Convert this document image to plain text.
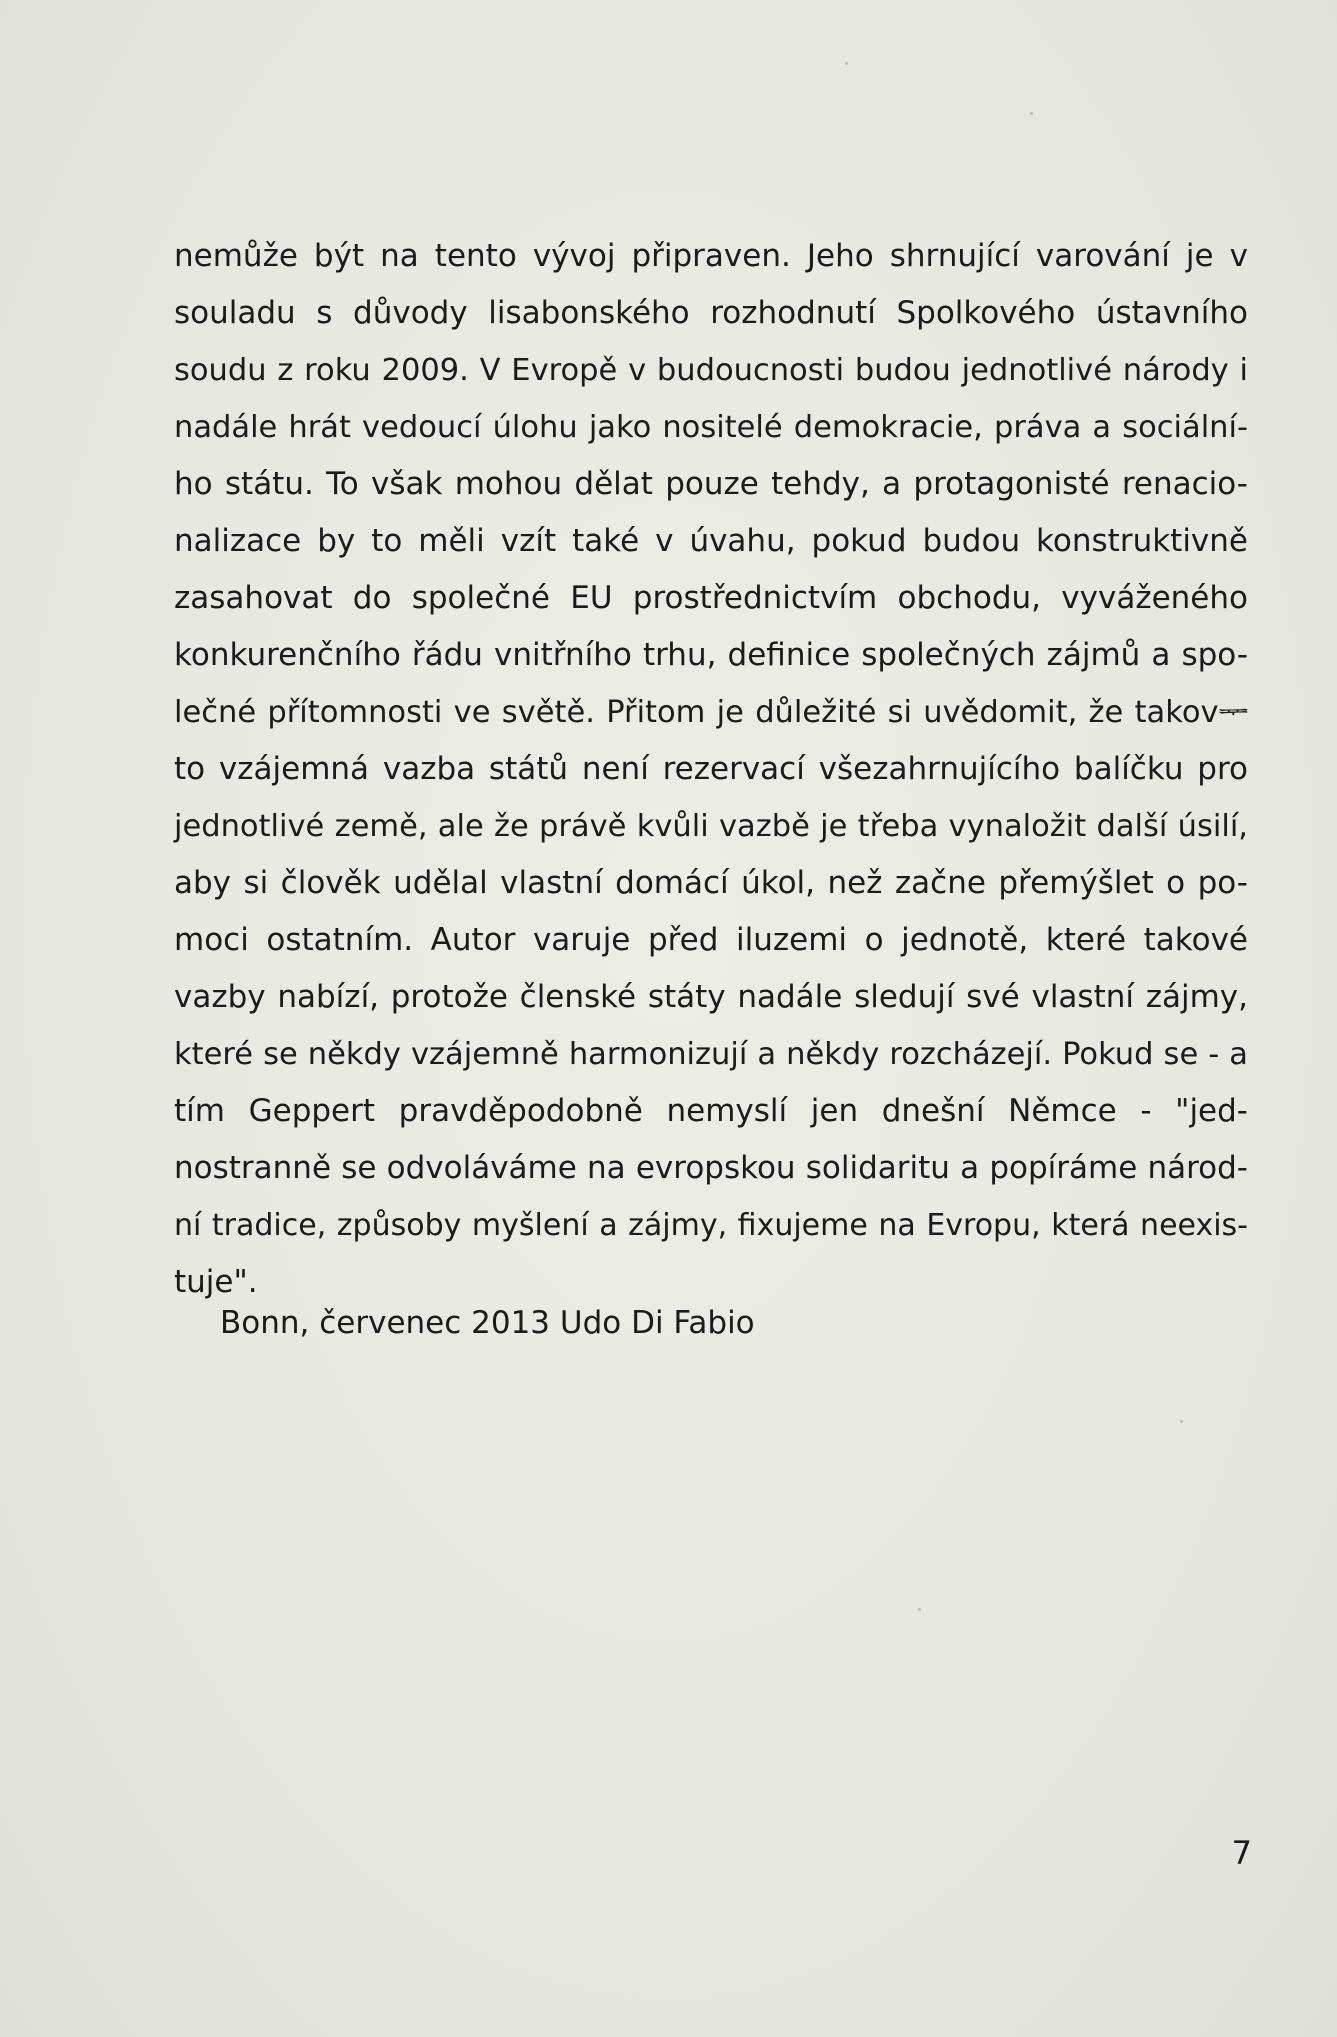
nemůže být na tento vývoj připraven. Jeho shrnující varování je v
souladu s důvody lisabonského rozhodnutí Spolkového ústavního
soudu z roku 2009. V Evropě v budoucnosti budou jednotlivé národy i
nadále hrát vedoucí úlohu jako nositelé demokracie, práva a sociální-
ho státu. To však mohou dělat pouze tehdy, a protagonisté renacio-
nalizace by to měli vzít také v úvahu, pokud budou konstruktivně
zasahovat do společné EU prostřednictvím obchodu, vyváženého
konkurenčního řádu vnitřního trhu, definice společných zájmů a spo-
lečné přítomnosti ve světě. Přitom je důležité si uvědomit, že takovᆓ
to vzájemná vazba států není rezervací všezahrnujícího balíčku pro
jednotlivé země, ale že právě kvůli vazbě je třeba vynaložit další úsilí,
aby si člověk udělal vlastní domácí úkol, než začne přemýšlet o po-
moci ostatním. Autor varuje před iluzemi o jednotě, které takové
vazby nabízí, protože členské státy nadále sledují své vlastní zájmy,
které se někdy vzájemně harmonizují a někdy rozcházejí. Pokud se - a
tím Geppert pravděpodobně nemyslí jen dnešní Němce - "jed-
nostranně se odvoláváme na evropskou solidaritu a popíráme národ-
ní tradice, způsoby myšlení a zájmy, fixujeme na Evropu, která neexis-
tuje".
Bonn, červenec 2013 Udo Di Fabio
7
